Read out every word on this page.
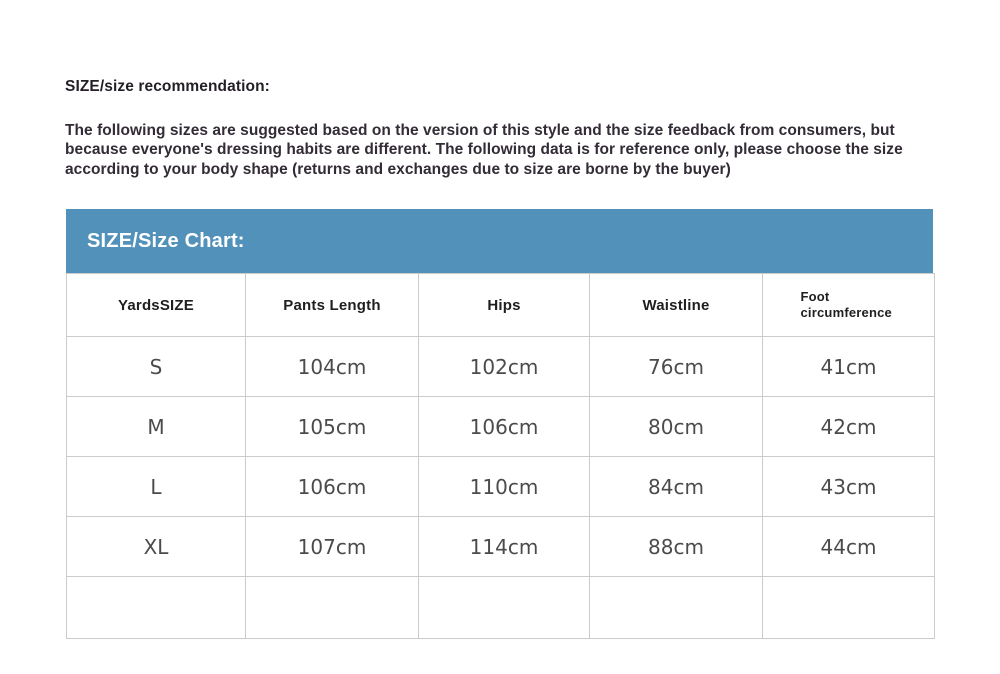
SIZE/size recommendation:
The following sizes are suggested based on the version of this style and the size feedback from consumers, but because everyone's dressing habits are different. The following data is for reference only, please choose the size according to your body shape (returns and exchanges due to size are borne by the buyer)
SIZE/Size Chart:
YardsSIZE	Pants Length	Hips	Waistline	Foot circumference
S	104cm	102cm	76cm	41cm
M	105cm	106cm	80cm	42cm
L	106cm	110cm	84cm	43cm
XL	107cm	114cm	88cm	44cm
